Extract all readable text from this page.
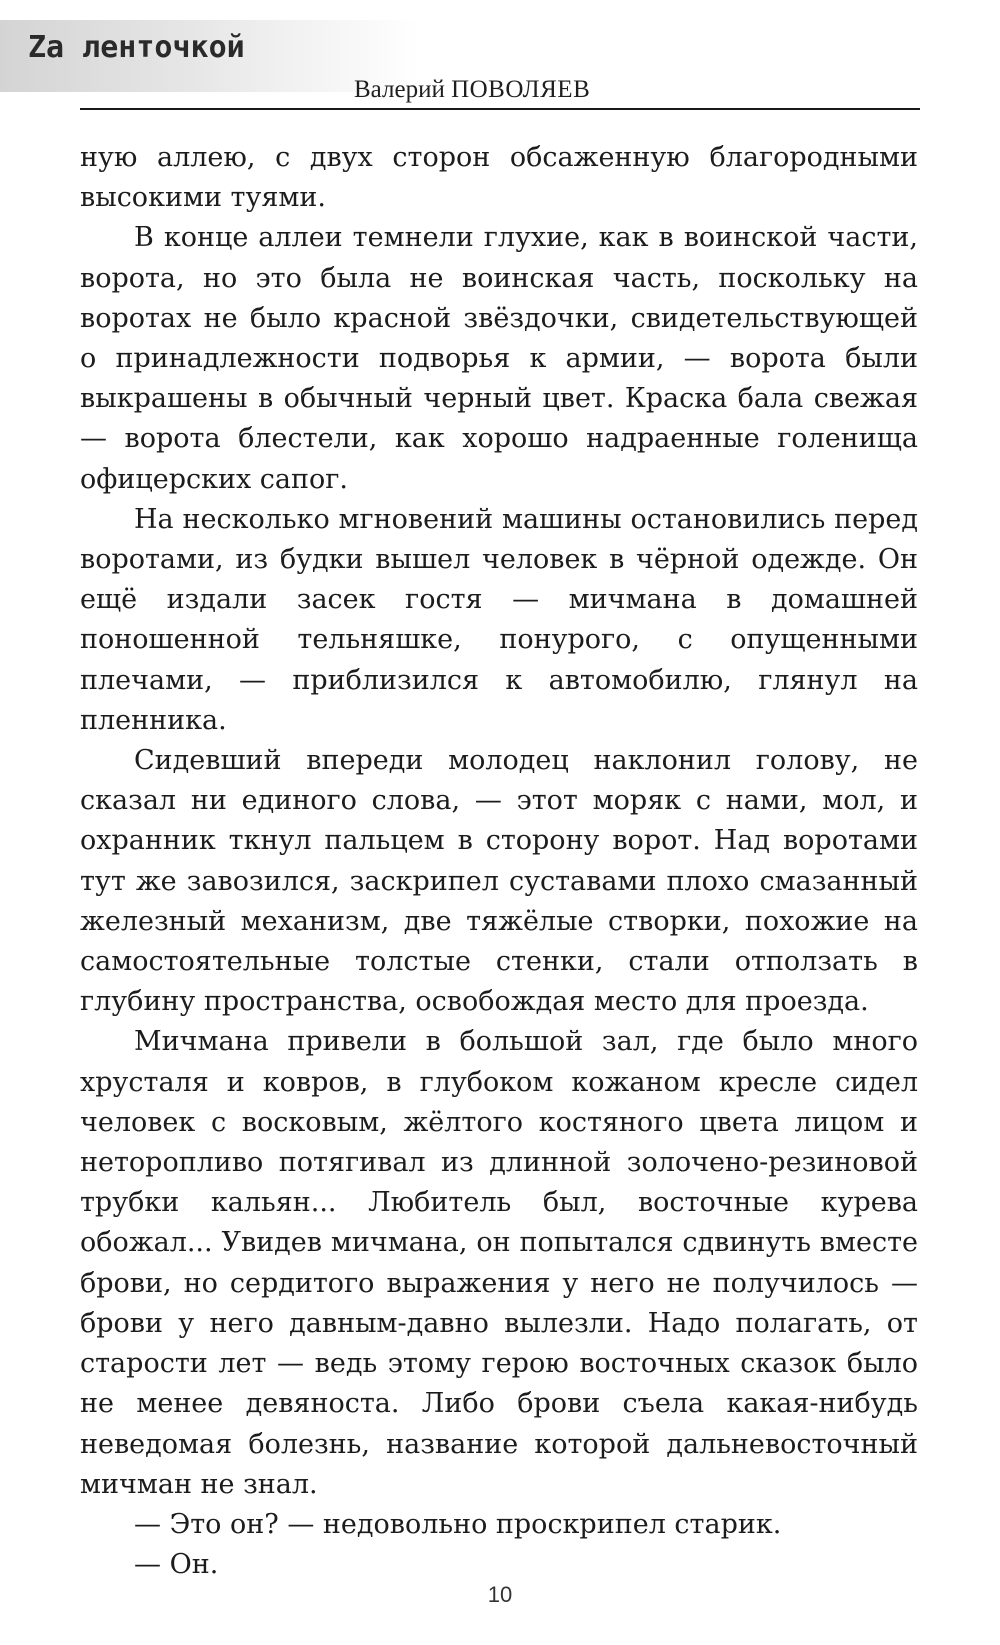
Zа ленточкой
Валерий ПОВОЛЯЕВ

ную аллею, с двух сторон обсаженную благородными высокими туями.

В конце аллеи темнели глухие, как в воинской части, ворота, но это была не воинская часть, поскольку на воротах не было красной звёздочки, свидетельствующей о принадлежности подворья к армии, — ворота были выкрашены в обычный черный цвет. Краска бала свежая — ворота блестели, как хорошо надраенные голенища офицерских сапог.

На несколько мгновений машины остановились перед воротами, из будки вышел человек в чёрной одежде. Он ещё издали засек гостя — мичмана в домашней поношенной тельняшке, понурого, с опущенными плечами, — приблизился к автомобилю, глянул на пленника.

Сидевший впереди молодец наклонил голову, не сказал ни единого слова, — этот моряк с нами, мол, и охранник ткнул пальцем в сторону ворот. Над воротами тут же завозился, заскрипел суставами плохо смазанный железный механизм, две тяжёлые створки, похожие на самостоятельные толстые стенки, стали отползать в глубину пространства, освобождая место для проезда.

Мичмана привели в большой зал, где было много хрусталя и ковров, в глубоком кожаном кресле сидел человек с восковым, жёлтого костяного цвета лицом и неторопливо потягивал из длинной золочено-резиновой трубки кальян... Любитель был, восточные курева обожал... Увидев мичмана, он попытался сдвинуть вместе брови, но сердитого выражения у него не получилось — брови у него давным-давно вылезли. Надо полагать, от старости лет — ведь этому герою восточных сказок было не менее девяноста. Либо брови съела какая-нибудь неведомая болезнь, название которой дальневосточный мичман не знал.

— Это он? — недовольно проскрипел старик.

— Он.

10
